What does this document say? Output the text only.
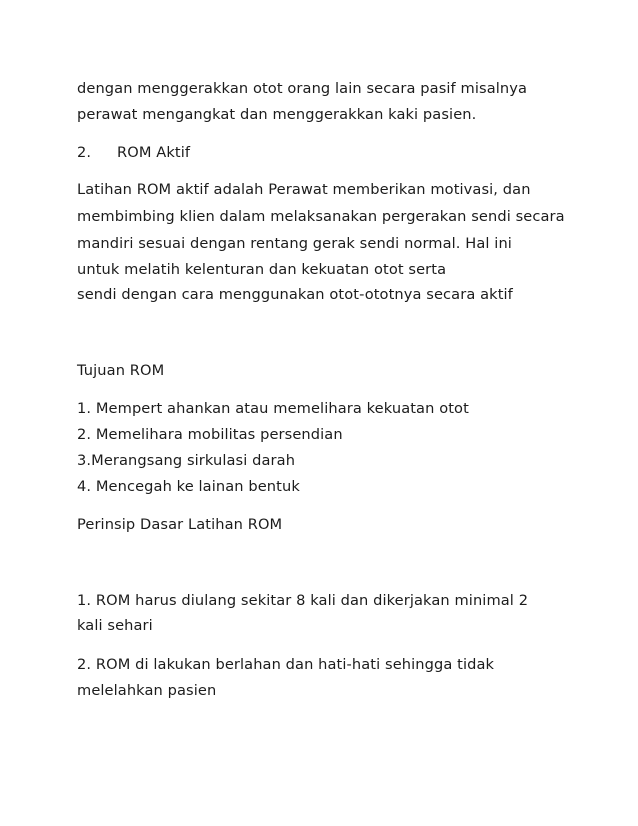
dengan menggerakkan otot orang lain secara pasif misalnya
perawat mengangkat dan menggerakkan kaki pasien.
2. ROM Aktif
Latihan ROM aktif adalah Perawat memberikan motivasi, dan
membimbing klien dalam melaksanakan pergerakan sendi secara
mandiri sesuai dengan rentang gerak sendi normal. Hal ini
untuk melatih kelenturan dan kekuatan otot serta
sendi dengan cara menggunakan otot-ototnya secara aktif
Tujuan ROM
1. Mempert ahankan atau memelihara kekuatan otot
2. Memelihara mobilitas persendian
3.Merangsang sirkulasi darah
4. Mencegah ke lainan bentuk
Perinsip Dasar Latihan ROM
1. ROM harus diulang sekitar 8 kali dan dikerjakan minimal 2
kali sehari
2. ROM di lakukan berlahan dan hati-hati sehingga tidak
melelahkan pasien
